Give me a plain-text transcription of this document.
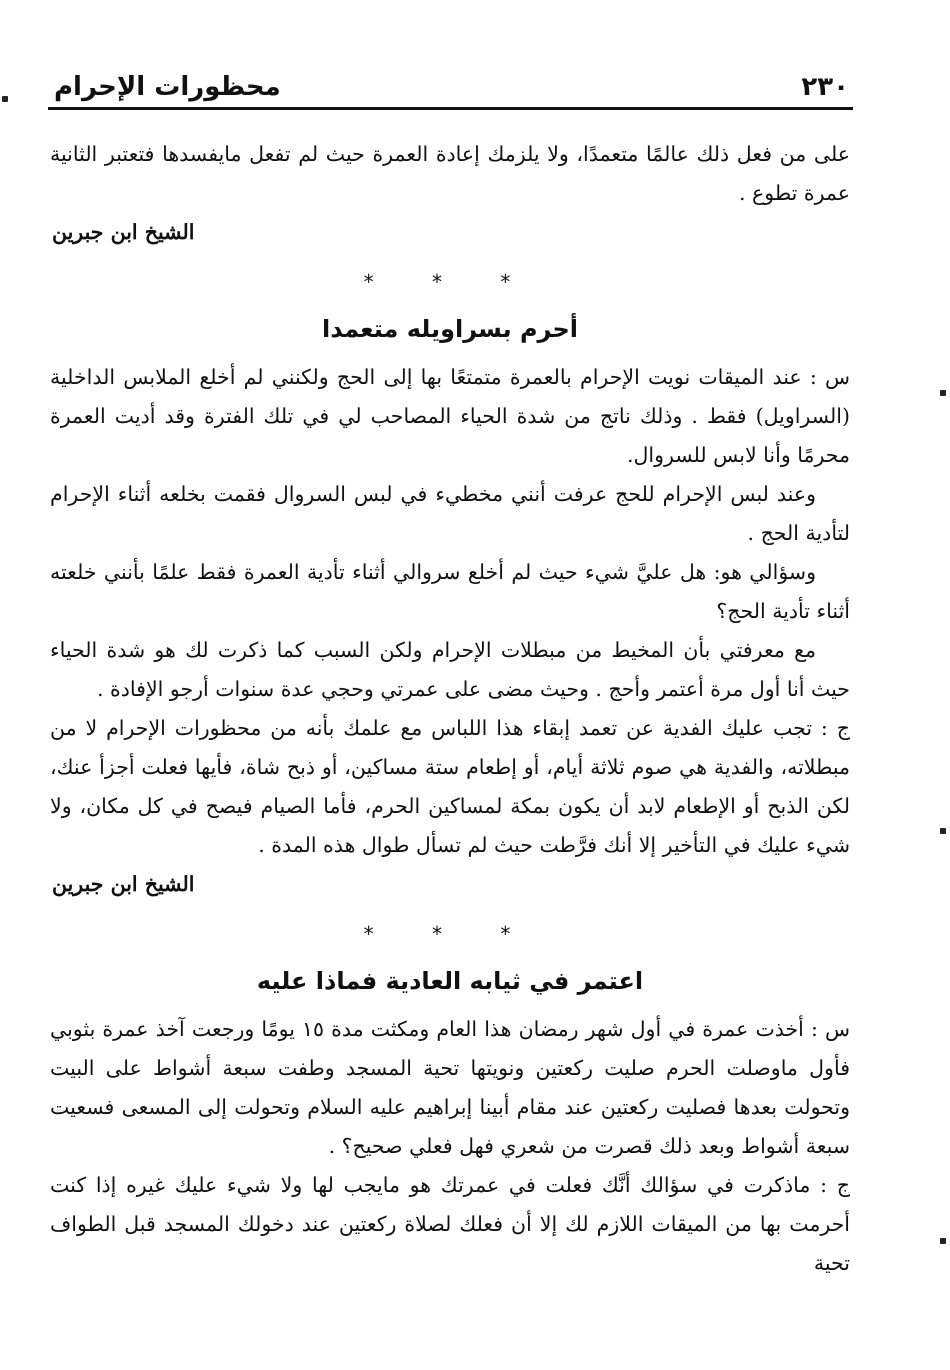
٢٣٠
محظورات الإحرام

على من فعل ذلك عالمًا متعمدًا، ولا يلزمك إعادة العمرة حيث لم تفعل مايفسدها فتعتبر الثانية عمرة تطوع .

الشيخ ابن جبرين

* * *
أحرم بسراويله متعمدا

س : عند الميقات نويت الإحرام بالعمرة متمتعًا بها إلى الحج ولكنني لم أخلع الملابس الداخلية (السراويل) فقط . وذلك ناتج من شدة الحياء المصاحب لي في تلك الفترة وقد أديت العمرة محرمًا وأنا لابس للسروال.

وعند لبس الإحرام للحج عرفت أنني مخطيء في لبس السروال فقمت بخلعه أثناء الإحرام لتأدية الحج .

وسؤالي هو: هل عليَّ شيء حيث لم أخلع سروالي أثناء تأدية العمرة فقط علمًا بأنني خلعته أثناء تأدية الحج؟

مع معرفتي بأن المخيط من مبطلات الإحرام ولكن السبب كما ذكرت لك هو شدة الحياء حيث أنا أول مرة أعتمر وأحج . وحيث مضى على عمرتي وحجي عدة سنوات أرجو الإفادة .

ج : تجب عليك الفدية عن تعمد إبقاء هذا اللباس مع علمك بأنه من محظورات الإحرام لا من مبطلاته، والفدية هي صوم ثلاثة أيام، أو إطعام ستة مساكين، أو ذبح شاة، فأيها فعلت أجزأ عنك، لكن الذبح أو الإطعام لابد أن يكون بمكة لمساكين الحرم، فأما الصيام فيصح في كل مكان، ولا شيء عليك في التأخير إلا أنك فرَّطت حيث لم تسأل طوال هذه المدة .

الشيخ ابن جبرين

* * *
اعتمر في ثيابه العادية فماذا عليه

س : أخذت عمرة في أول شهر رمضان هذا العام ومكثت مدة ١٥ يومًا ورجعت آخذ عمرة بثوبي فأول ماوصلت الحرم صليت ركعتين ونويتها تحية المسجد وطفت سبعة أشواط على البيت وتحولت بعدها فصليت ركعتين عند مقام أبينا إبراهيم عليه السلام وتحولت إلى المسعى فسعيت سبعة أشواط وبعد ذلك قصرت من شعري فهل فعلي صحيح؟ .

ج : ماذكرت في سؤالك أنَّك فعلت في عمرتك هو مايجب لها ولا شيء عليك غيره إذا كنت أحرمت بها من الميقات اللازم لك إلا أن فعلك لصلاة ركعتين عند دخولك المسجد قبل الطواف تحية
